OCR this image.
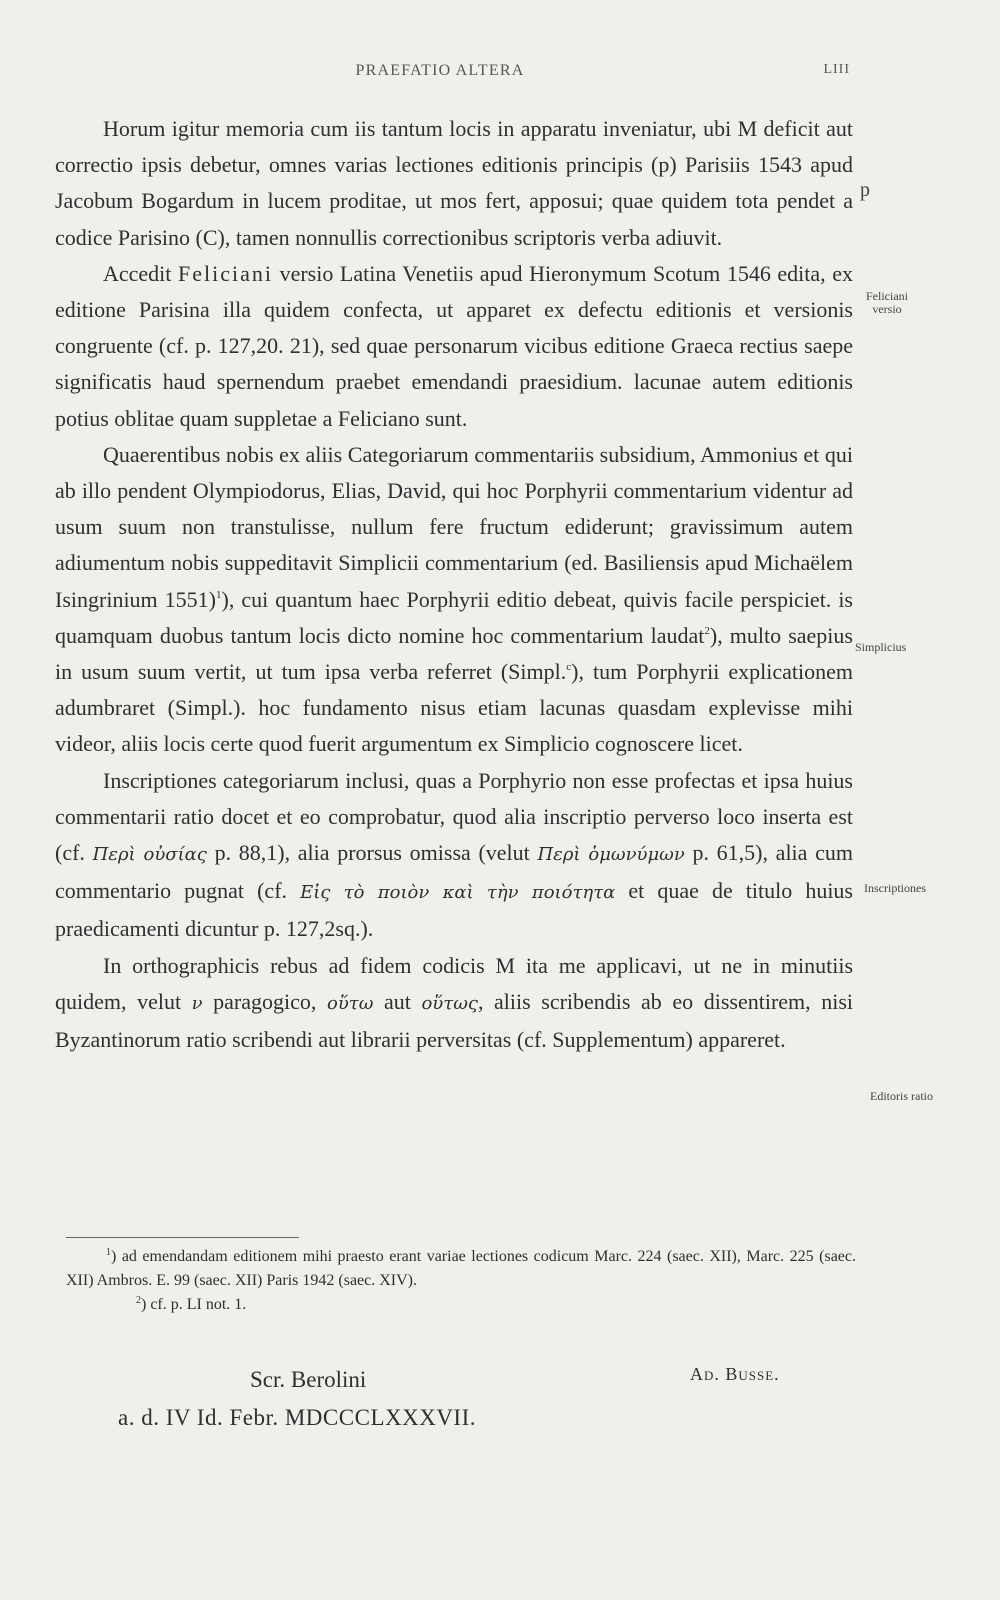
PRAEFATIO ALTERA	LIII

Horum igitur memoria cum iis tantum locis in apparatu inveniatur, ubi M deficit aut correctio ipsis debetur, omnes varias lectiones editionis principis (p) Parisiis 1543 apud Jacobum Bogardum in lucem proditae, ut mos fert, apposui; quae quidem tota pendet a codice Parisino (C), tamen nonnullis correctionibus scriptoris verba adiuvit.

Accedit Feliciani versio Latina Venetiis apud Hieronymum Scotum 1546 edita, ex editione Parisina illa quidem confecta, ut apparet ex defectu editionis et versionis congruente (cf. p. 127,20. 21), sed quae personarum vicibus editione Graeca rectius saepe significatis haud spernendum praebet emendandi praesidium. lacunae autem editionis potius oblitae quam suppletae a Feliciano sunt.

Quaerentibus nobis ex aliis Categoriarum commentariis subsidium, Ammonius et qui ab illo pendent Olympiodorus, Elias, David, qui hoc Porphyrii commentarium videntur ad usum suum non transtulisse, nullum fere fructum ediderunt; gravissimum autem adiumentum nobis suppeditavit Simplicii commentarium (ed. Basiliensis apud Michaëlem Isingrinium 1551)$^1$), cui quantum haec Porphyrii editio debeat, quivis facile perspiciet. is quamquam duobus tantum locis dicto nomine hoc commentarium laudat$^2$), multo saepius in usum suum vertit, ut tum ipsa verba referret (Simpl.$^c$), tum Porphyrii explicationem adumbraret (Simpl.). hoc fundamento nisus etiam lacunas quasdam explevisse mihi videor, aliis locis certe quod fuerit argumentum ex Simplicio cognoscere licet.

Inscriptiones categoriarum inclusi, quas a Porphyrio non esse profectas et ipsa huius commentarii ratio docet et eo comprobatur, quod alia inscriptio perverso loco inserta est (cf. Περὶ οὐσίας p. 88,1), alia prorsus omissa (velut Περὶ ὁμωνύμων p. 61,5), alia cum commentario pugnat (cf. Εἰς τὸ ποιὸν καὶ τὴν ποιότητα et quae de titulo huius praedicamenti dicuntur p. 127,2sq.).

In orthographicis rebus ad fidem codicis M ita me applicavi, ut ne in minutiis quidem, velut ν paragogico, οὕτω aut οὕτως, aliis scribendis ab eo dissentirem, nisi Byzantinorum ratio scribendi aut librarii perversitas (cf. Supplementum) appareret.

p
Feliciani
versio
Simplicius
Inscriptiones
Editoris ratio

$^1$) ad emendandam editionem mihi praesto erant variae lectiones codicum Marc. 224 (saec. XII), Marc. 225 (saec. XII) Ambros. E. 99 (saec. XII) Paris 1942 (saec. XIV).

$^2$) cf. p. LI not. 1.

Scr. Berolini
a. d. IV Id. Febr. MDCCCLXXXVII.
Ad. Busse.
